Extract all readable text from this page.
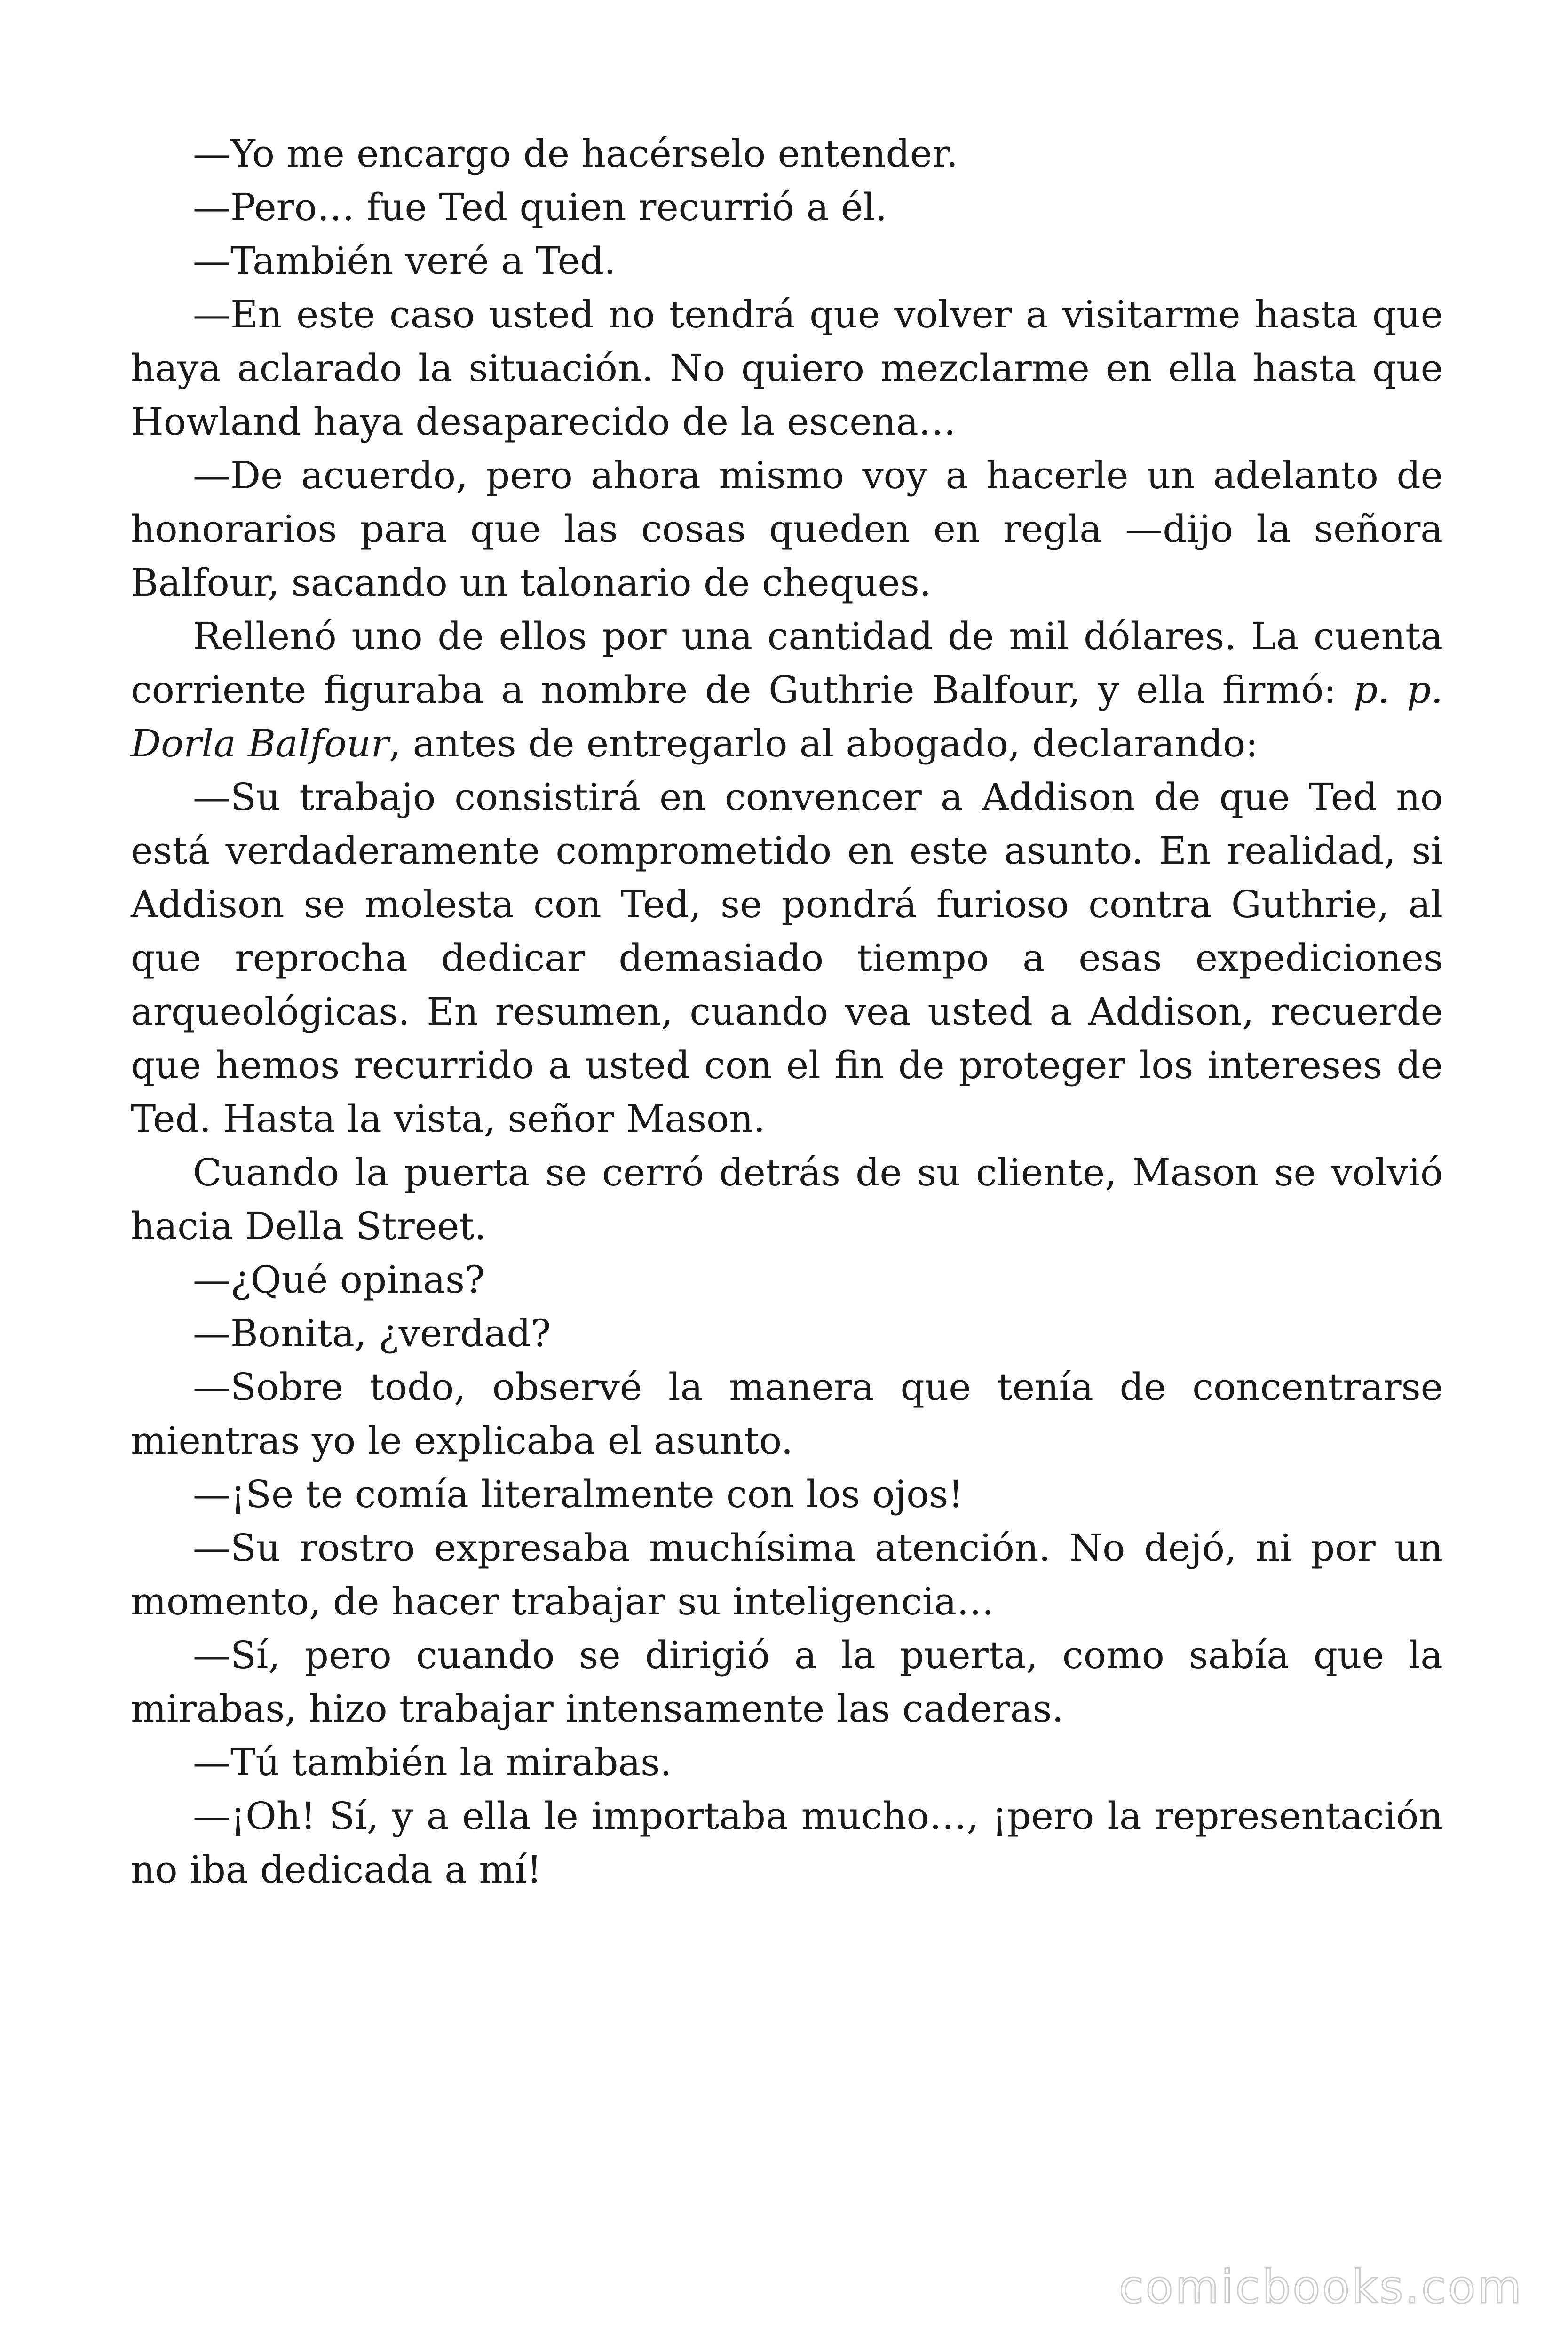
—Yo me encargo de hacérselo entender.

—Pero… fue Ted quien recurrió a él.

—También veré a Ted.

—En este caso usted no tendrá que volver a visitarme hasta que haya aclarado la situación. No quiero mezclarme en ella hasta que Howland haya desaparecido de la escena…

—De acuerdo, pero ahora mismo voy a hacerle un adelanto de honorarios para que las cosas queden en regla —dijo la señora Balfour, sacando un talonario de cheques.

Rellenó uno de ellos por una cantidad de mil dólares. La cuenta corriente figuraba a nombre de Guthrie Balfour, y ella firmó: p. p. Dorla Balfour, antes de entregarlo al abogado, declarando:

—Su trabajo consistirá en convencer a Addison de que Ted no está verdaderamente comprometido en este asunto. En realidad, si Addison se molesta con Ted, se pondrá furioso contra Guthrie, al que reprocha dedicar demasiado tiempo a esas expediciones arqueológicas. En resumen, cuando vea usted a Addison, recuerde que hemos recurrido a usted con el fin de proteger los intereses de Ted. Hasta la vista, señor Mason.

Cuando la puerta se cerró detrás de su cliente, Mason se volvió hacia Della Street.

—¿Qué opinas?

—Bonita, ¿verdad?

—Sobre todo, observé la manera que tenía de concentrarse mientras yo le explicaba el asunto.

—¡Se te comía literalmente con los ojos!

—Su rostro expresaba muchísima atención. No dejó, ni por un momento, de hacer trabajar su inteligencia…

—Sí, pero cuando se dirigió a la puerta, como sabía que la mirabas, hizo trabajar intensamente las caderas.

—Tú también la mirabas.

—¡Oh! Sí, y a ella le importaba mucho…, ¡pero la representación no iba dedicada a mí!

comicbooks.com
